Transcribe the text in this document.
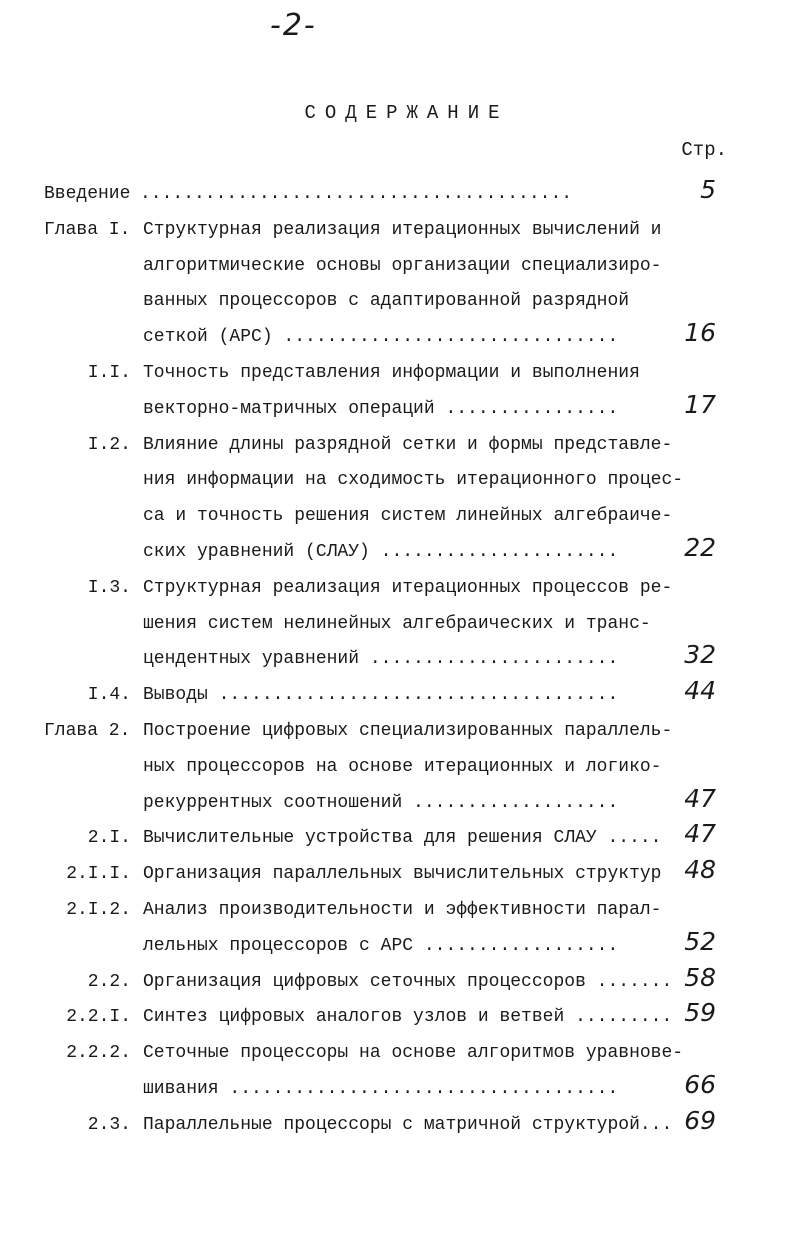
-2-
СОДЕРЖАНИЕ
Стр.
Введение ........................................	5
Глава I. Структурная реализация итерационных вычислений и
алгоритмические основы организации специализиро-
ванных процессоров с адаптированной разрядной
сеткой (АРС) ...............................	16
I.I. Точность представления информации и выполнения
векторно-матричных операций ................	17
I.2. Влияние длины разрядной сетки и формы представле-
ния информации на сходимость итерационного процес-
са и точность решения систем линейных алгебраиче-
ских уравнений (СЛАУ) ......................	22
I.3. Структурная реализация итерационных процессов ре-
шения систем нелинейных алгебраических и транс-
цендентных уравнений .......................	32
I.4. Выводы .....................................	44
Глава 2. Построение цифровых специализированных параллель-
ных процессоров на основе итерационных и логико-
рекуррентных соотношений ...................	47
2.I. Вычислительные устройства для решения СЛАУ ..... 47
2.I.I. Организация параллельных вычислительных структур 48
2.I.2. Анализ производительности и эффективности парал-
лельных процессоров с АРС ..................	52
2.2. Организация цифровых сеточных процессоров ....... 58
2.2.I. Синтез цифровых аналогов узлов и ветвей ......... 59
2.2.2. Сеточные процессоры на основе алгоритмов уравнове-
шивания ....................................	66
2.3. Параллельные процессоры с матричной структурой... 69
